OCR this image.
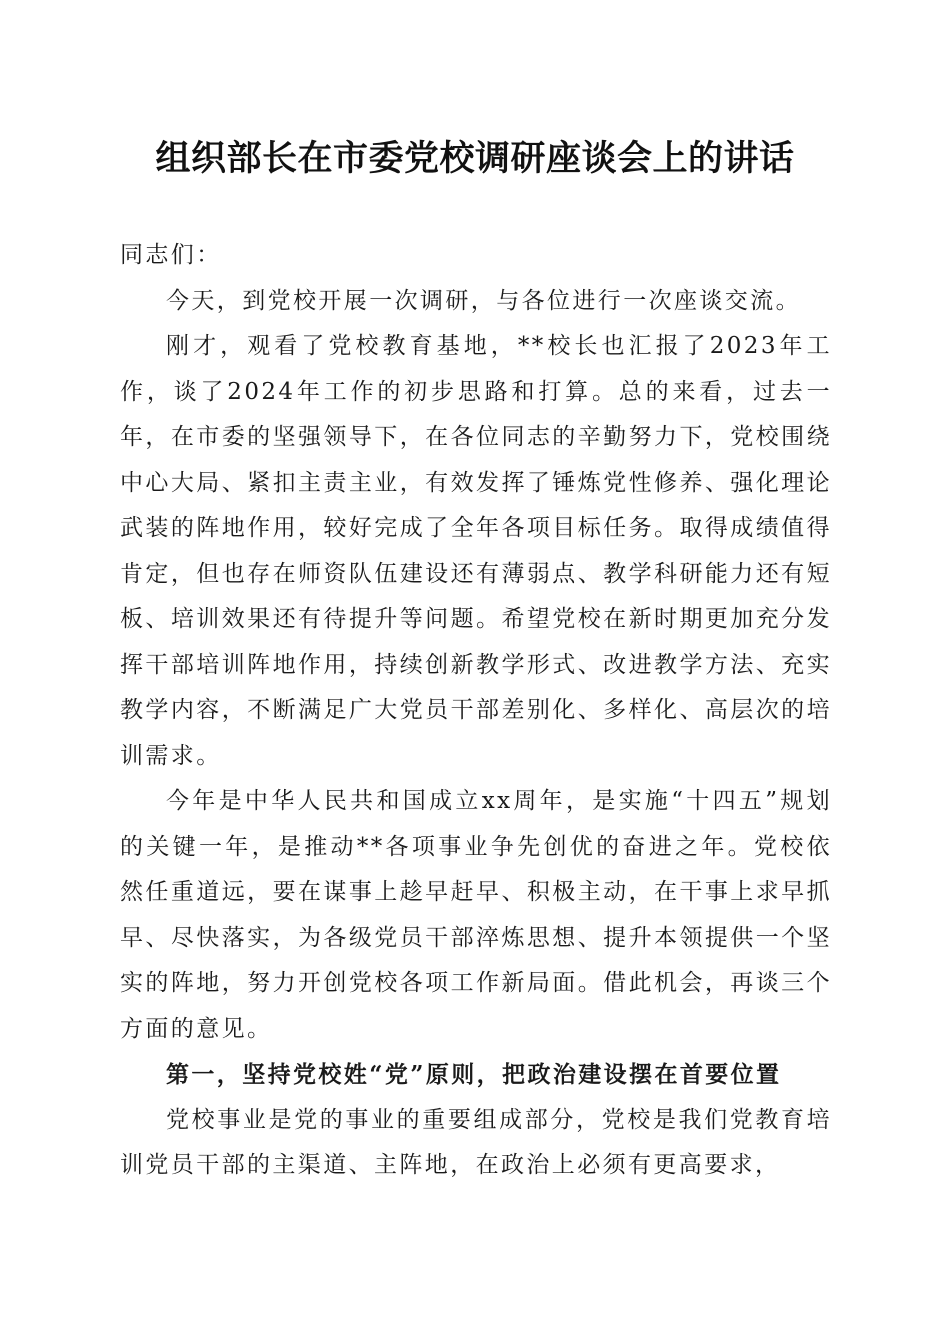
组织部长在市委党校调研座谈会上的讲话

同志们：

今天，到党校开展一次调研，与各位进行一次座谈交流。

刚才，观看了党校教育基地，**校长也汇报了2023年工作，谈了2024年工作的初步思路和打算。总的来看，过去一年，在市委的坚强领导下，在各位同志的辛勤努力下，党校围绕中心大局、紧扣主责主业，有效发挥了锤炼党性修养、强化理论武装的阵地作用，较好完成了全年各项目标任务。取得成绩值得肯定，但也存在师资队伍建设还有薄弱点、教学科研能力还有短板、培训效果还有待提升等问题。希望党校在新时期更加充分发挥干部培训阵地作用，持续创新教学形式、改进教学方法、充实教学内容，不断满足广大党员干部差别化、多样化、高层次的培训需求。

今年是中华人民共和国成立xx周年，是实施“十四五”规划的关键一年，是推动**各项事业争先创优的奋进之年。党校依然任重道远，要在谋事上趁早赶早、积极主动，在干事上求早抓早、尽快落实，为各级党员干部淬炼思想、提升本领提供一个坚实的阵地，努力开创党校各项工作新局面。借此机会，再谈三个方面的意见。

第一，坚持党校姓“党”原则，把政治建设摆在首要位置

党校事业是党的事业的重要组成部分，党校是我们党教育培训党员干部的主渠道、主阵地，在政治上必须有更高要求，
